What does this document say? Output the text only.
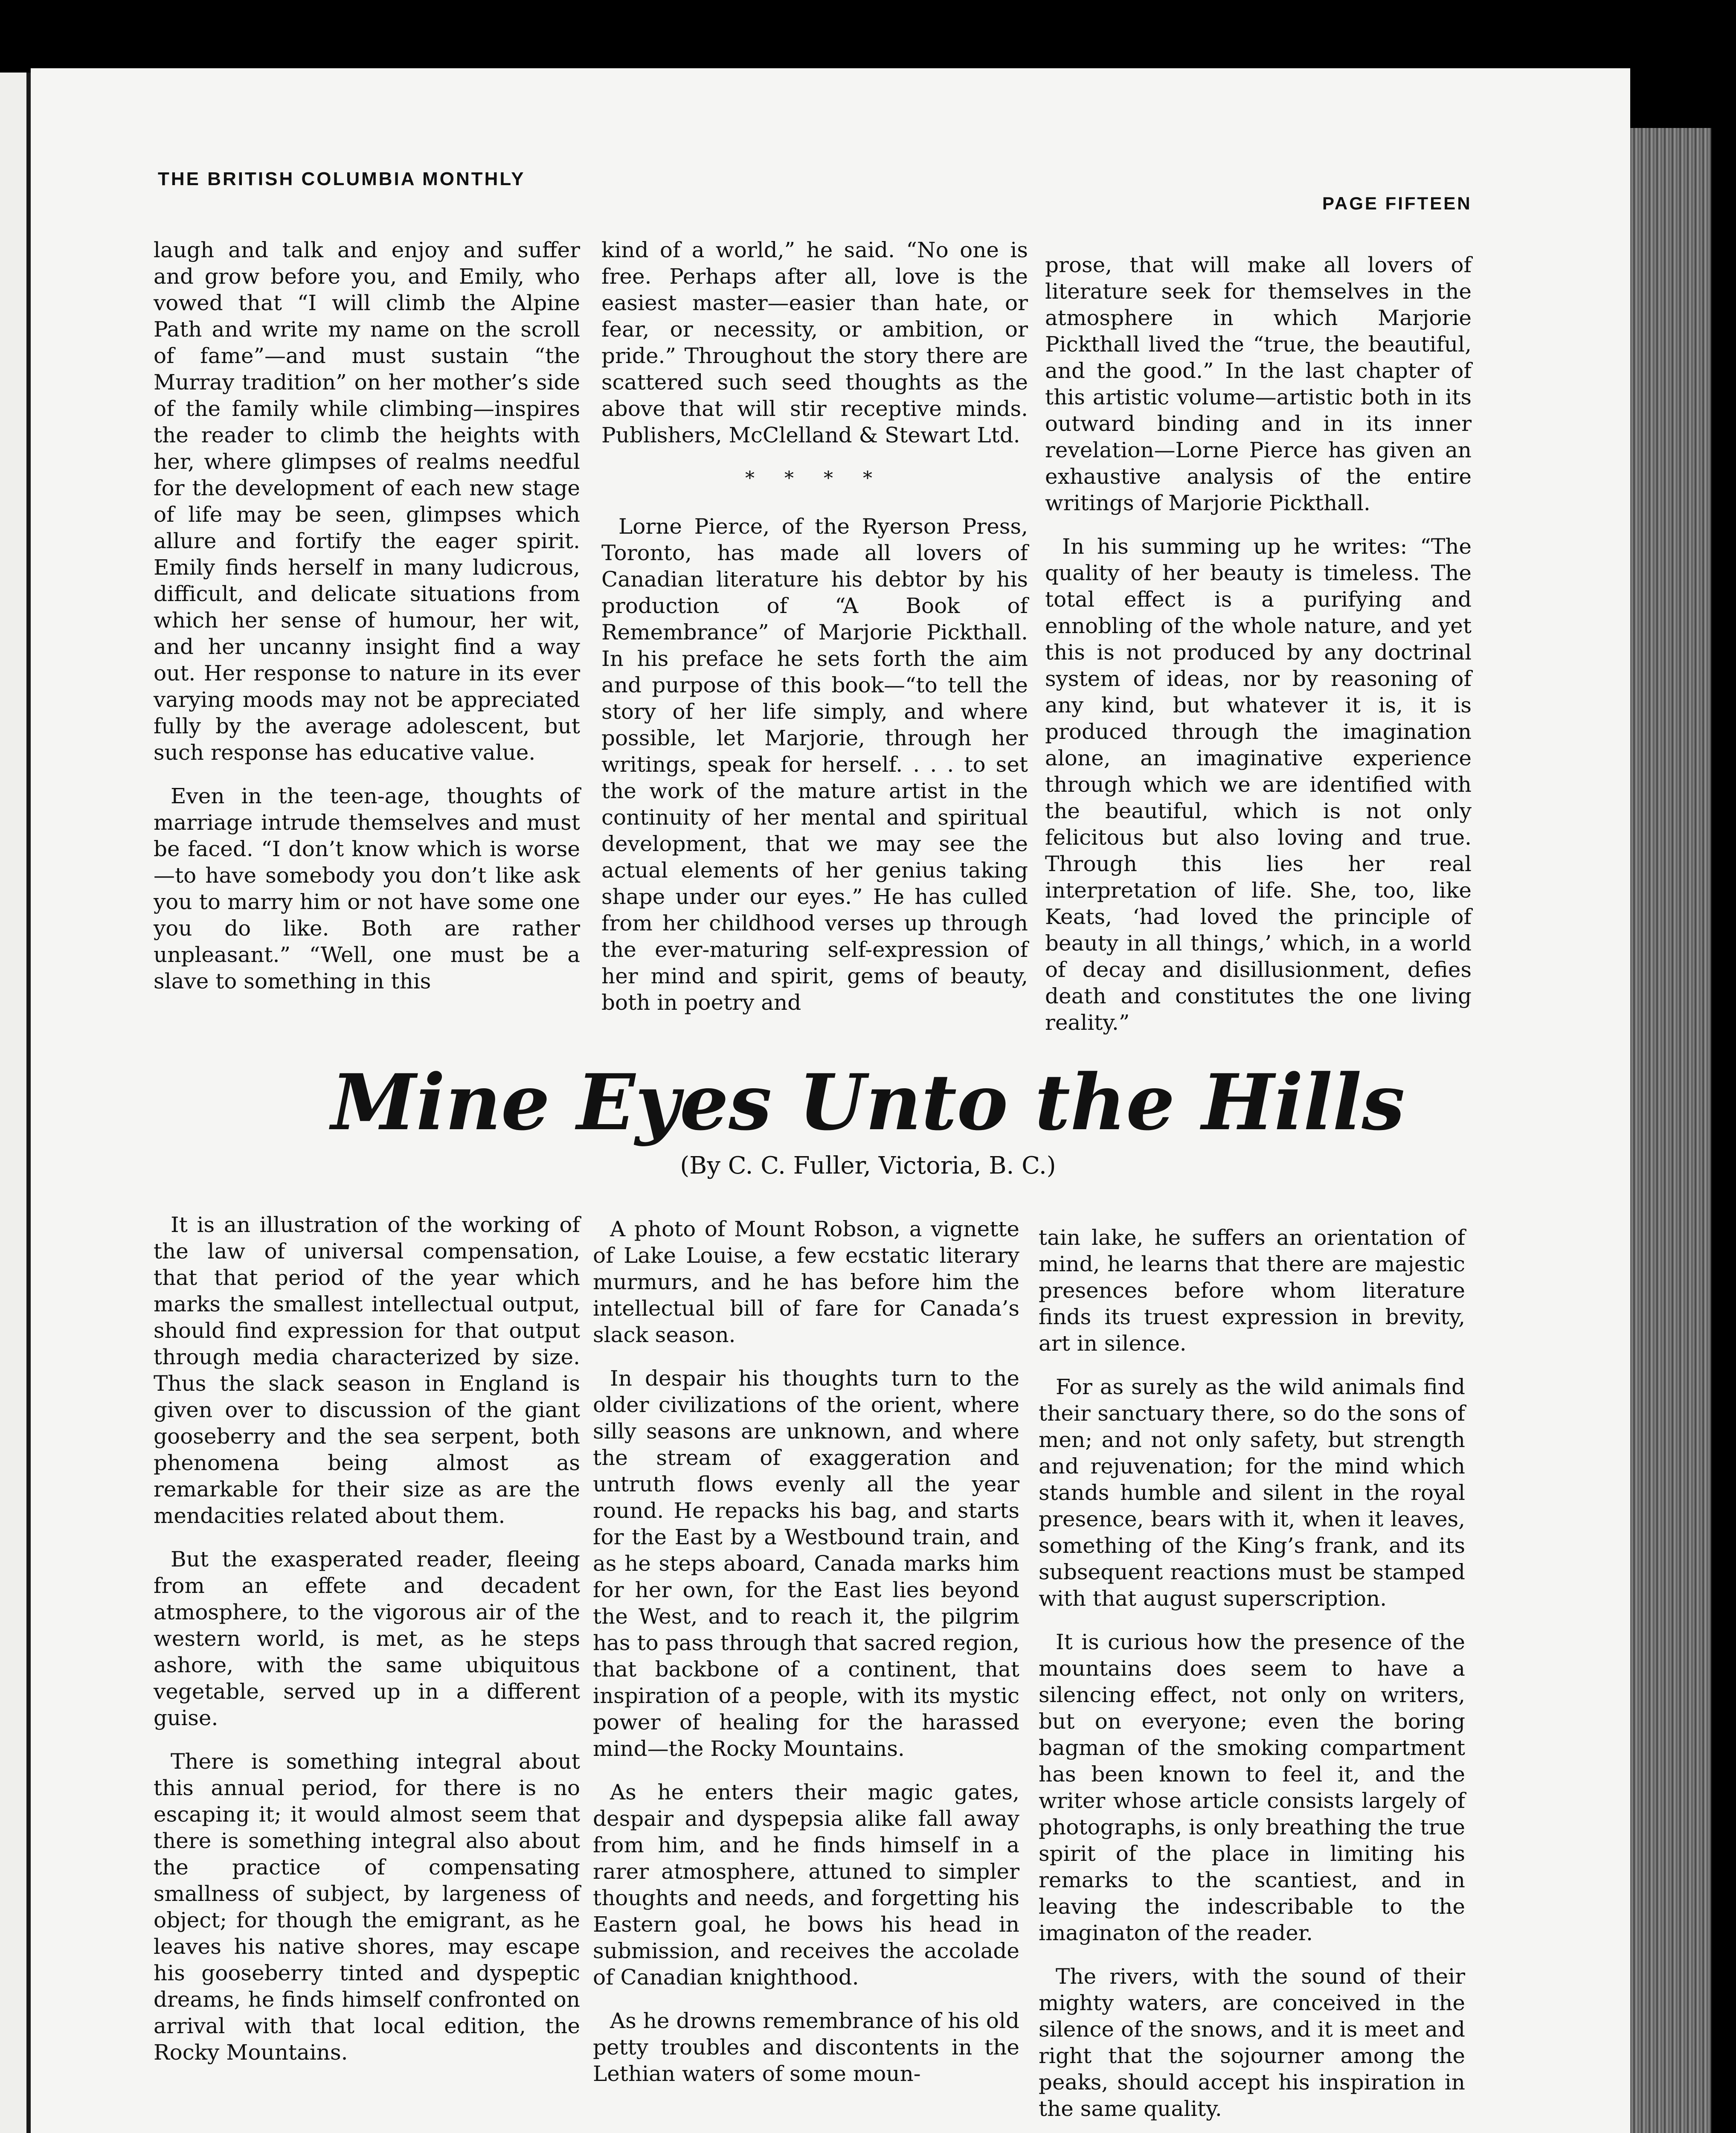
THE BRITISH COLUMBIA MONTHLY
PAGE FIFTEEN

laugh and talk and enjoy and suffer and grow before you, and Emily, who vowed that “I will climb the Alpine Path and write my name on the scroll of fame”—and must sustain “the Murray tradition” on her mother’s side of the family while climbing—inspires the reader to climb the heights with her, where glimpses of realms needful for the development of each new stage of life may be seen, glimpses which allure and fortify the eager spirit. Emily finds herself in many ludicrous, difficult, and delicate situations from which her sense of humour, her wit, and her uncanny insight find a way out. Her response to nature in its ever varying moods may not be appreciated fully by the average adolescent, but such response has educative value.

Even in the teen-age, thoughts of marriage intrude themselves and must be faced. “I don’t know which is worse—to have somebody you don’t like ask you to marry him or not have some one you do like. Both are rather unpleasant.” “Well, one must be a slave to something in this

kind of a world,” he said. “No one is free. Perhaps after all, love is the easiest master—easier than hate, or fear, or necessity, or ambition, or pride.” Throughout the story there are scattered such seed thoughts as the above that will stir receptive minds. Publishers, McClelland & Stewart Ltd.

* * * *

Lorne Pierce, of the Ryerson Press, Toronto, has made all lovers of Canadian literature his debtor by his production of “A Book of Remembrance” of Marjorie Pickthall. In his preface he sets forth the aim and purpose of this book—“to tell the story of her life simply, and where possible, let Marjorie, through her writings, speak for herself. . . . to set the work of the mature artist in the continuity of her mental and spiritual development, that we may see the actual elements of her genius taking shape under our eyes.” He has culled from her childhood verses up through the ever-maturing self-expression of her mind and spirit, gems of beauty, both in poetry and

prose, that will make all lovers of literature seek for themselves in the atmosphere in which Marjorie Pickthall lived the “true, the beautiful, and the good.” In the last chapter of this artistic volume—artistic both in its outward binding and in its inner revelation—Lorne Pierce has given an exhaustive analysis of the entire writings of Marjorie Pickthall.

In his summing up he writes: “The quality of her beauty is timeless. The total effect is a purifying and ennobling of the whole nature, and yet this is not produced by any doctrinal system of ideas, nor by reasoning of any kind, but whatever it is, it is produced through the imagination alone, an imaginative experience through which we are identified with the beautiful, which is not only felicitous but also loving and true. Through this lies her real interpretation of life. She, too, like Keats, ‘had loved the principle of beauty in all things,’ which, in a world of decay and disillusionment, defies death and constitutes the one living reality.”

Mine Eyes Unto the Hills
(By C. C. Fuller, Victoria, B. C.)

It is an illustration of the working of the law of universal compensation, that that period of the year which marks the smallest intellectual output, should find expression for that output through media characterized by size. Thus the slack season in England is given over to discussion of the giant gooseberry and the sea serpent, both phenomena being almost as remarkable for their size as are the mendacities related about them.

But the exasperated reader, fleeing from an effete and decadent atmosphere, to the vigorous air of the western world, is met, as he steps ashore, with the same ubiquitous vegetable, served up in a different guise.

There is something integral about this annual period, for there is no escaping it; it would almost seem that there is something integral also about the practice of compensating smallness of subject, by largeness of object; for though the emigrant, as he leaves his native shores, may escape his gooseberry tinted and dyspeptic dreams, he finds himself confronted on arrival with that local edition, the Rocky Mountains.

A photo of Mount Robson, a vignette of Lake Louise, a few ecstatic literary murmurs, and he has before him the intellectual bill of fare for Canada’s slack season.

In despair his thoughts turn to the older civilizations of the orient, where silly seasons are unknown, and where the stream of exaggeration and untruth flows evenly all the year round. He repacks his bag, and starts for the East by a Westbound train, and as he steps aboard, Canada marks him for her own, for the East lies beyond the West, and to reach it, the pilgrim has to pass through that sacred region, that backbone of a continent, that inspiration of a people, with its mystic power of healing for the harassed mind—the Rocky Mountains.

As he enters their magic gates, despair and dyspepsia alike fall away from him, and he finds himself in a rarer atmosphere, attuned to simpler thoughts and needs, and forgetting his Eastern goal, he bows his head in submission, and receives the accolade of Canadian knighthood.

As he drowns remembrance of his old petty troubles and discontents in the Lethian waters of some moun-

tain lake, he suffers an orientation of mind, he learns that there are majestic presences before whom literature finds its truest expression in brevity, art in silence.

For as surely as the wild animals find their sanctuary there, so do the sons of men; and not only safety, but strength and rejuvenation; for the mind which stands humble and silent in the royal presence, bears with it, when it leaves, something of the King’s frank, and its subsequent reactions must be stamped with that august superscription.

It is curious how the presence of the mountains does seem to have a silencing effect, not only on writers, but on everyone; even the boring bagman of the smoking compartment has been known to feel it, and the writer whose article consists largely of photographs, is only breathing the true spirit of the place in limiting his remarks to the scantiest, and in leaving the indescribable to the imaginaton of the reader.

The rivers, with the sound of their mighty waters, are conceived in the silence of the snows, and it is meet and right that the sojourner among the peaks, should accept his inspiration in the same quality.
